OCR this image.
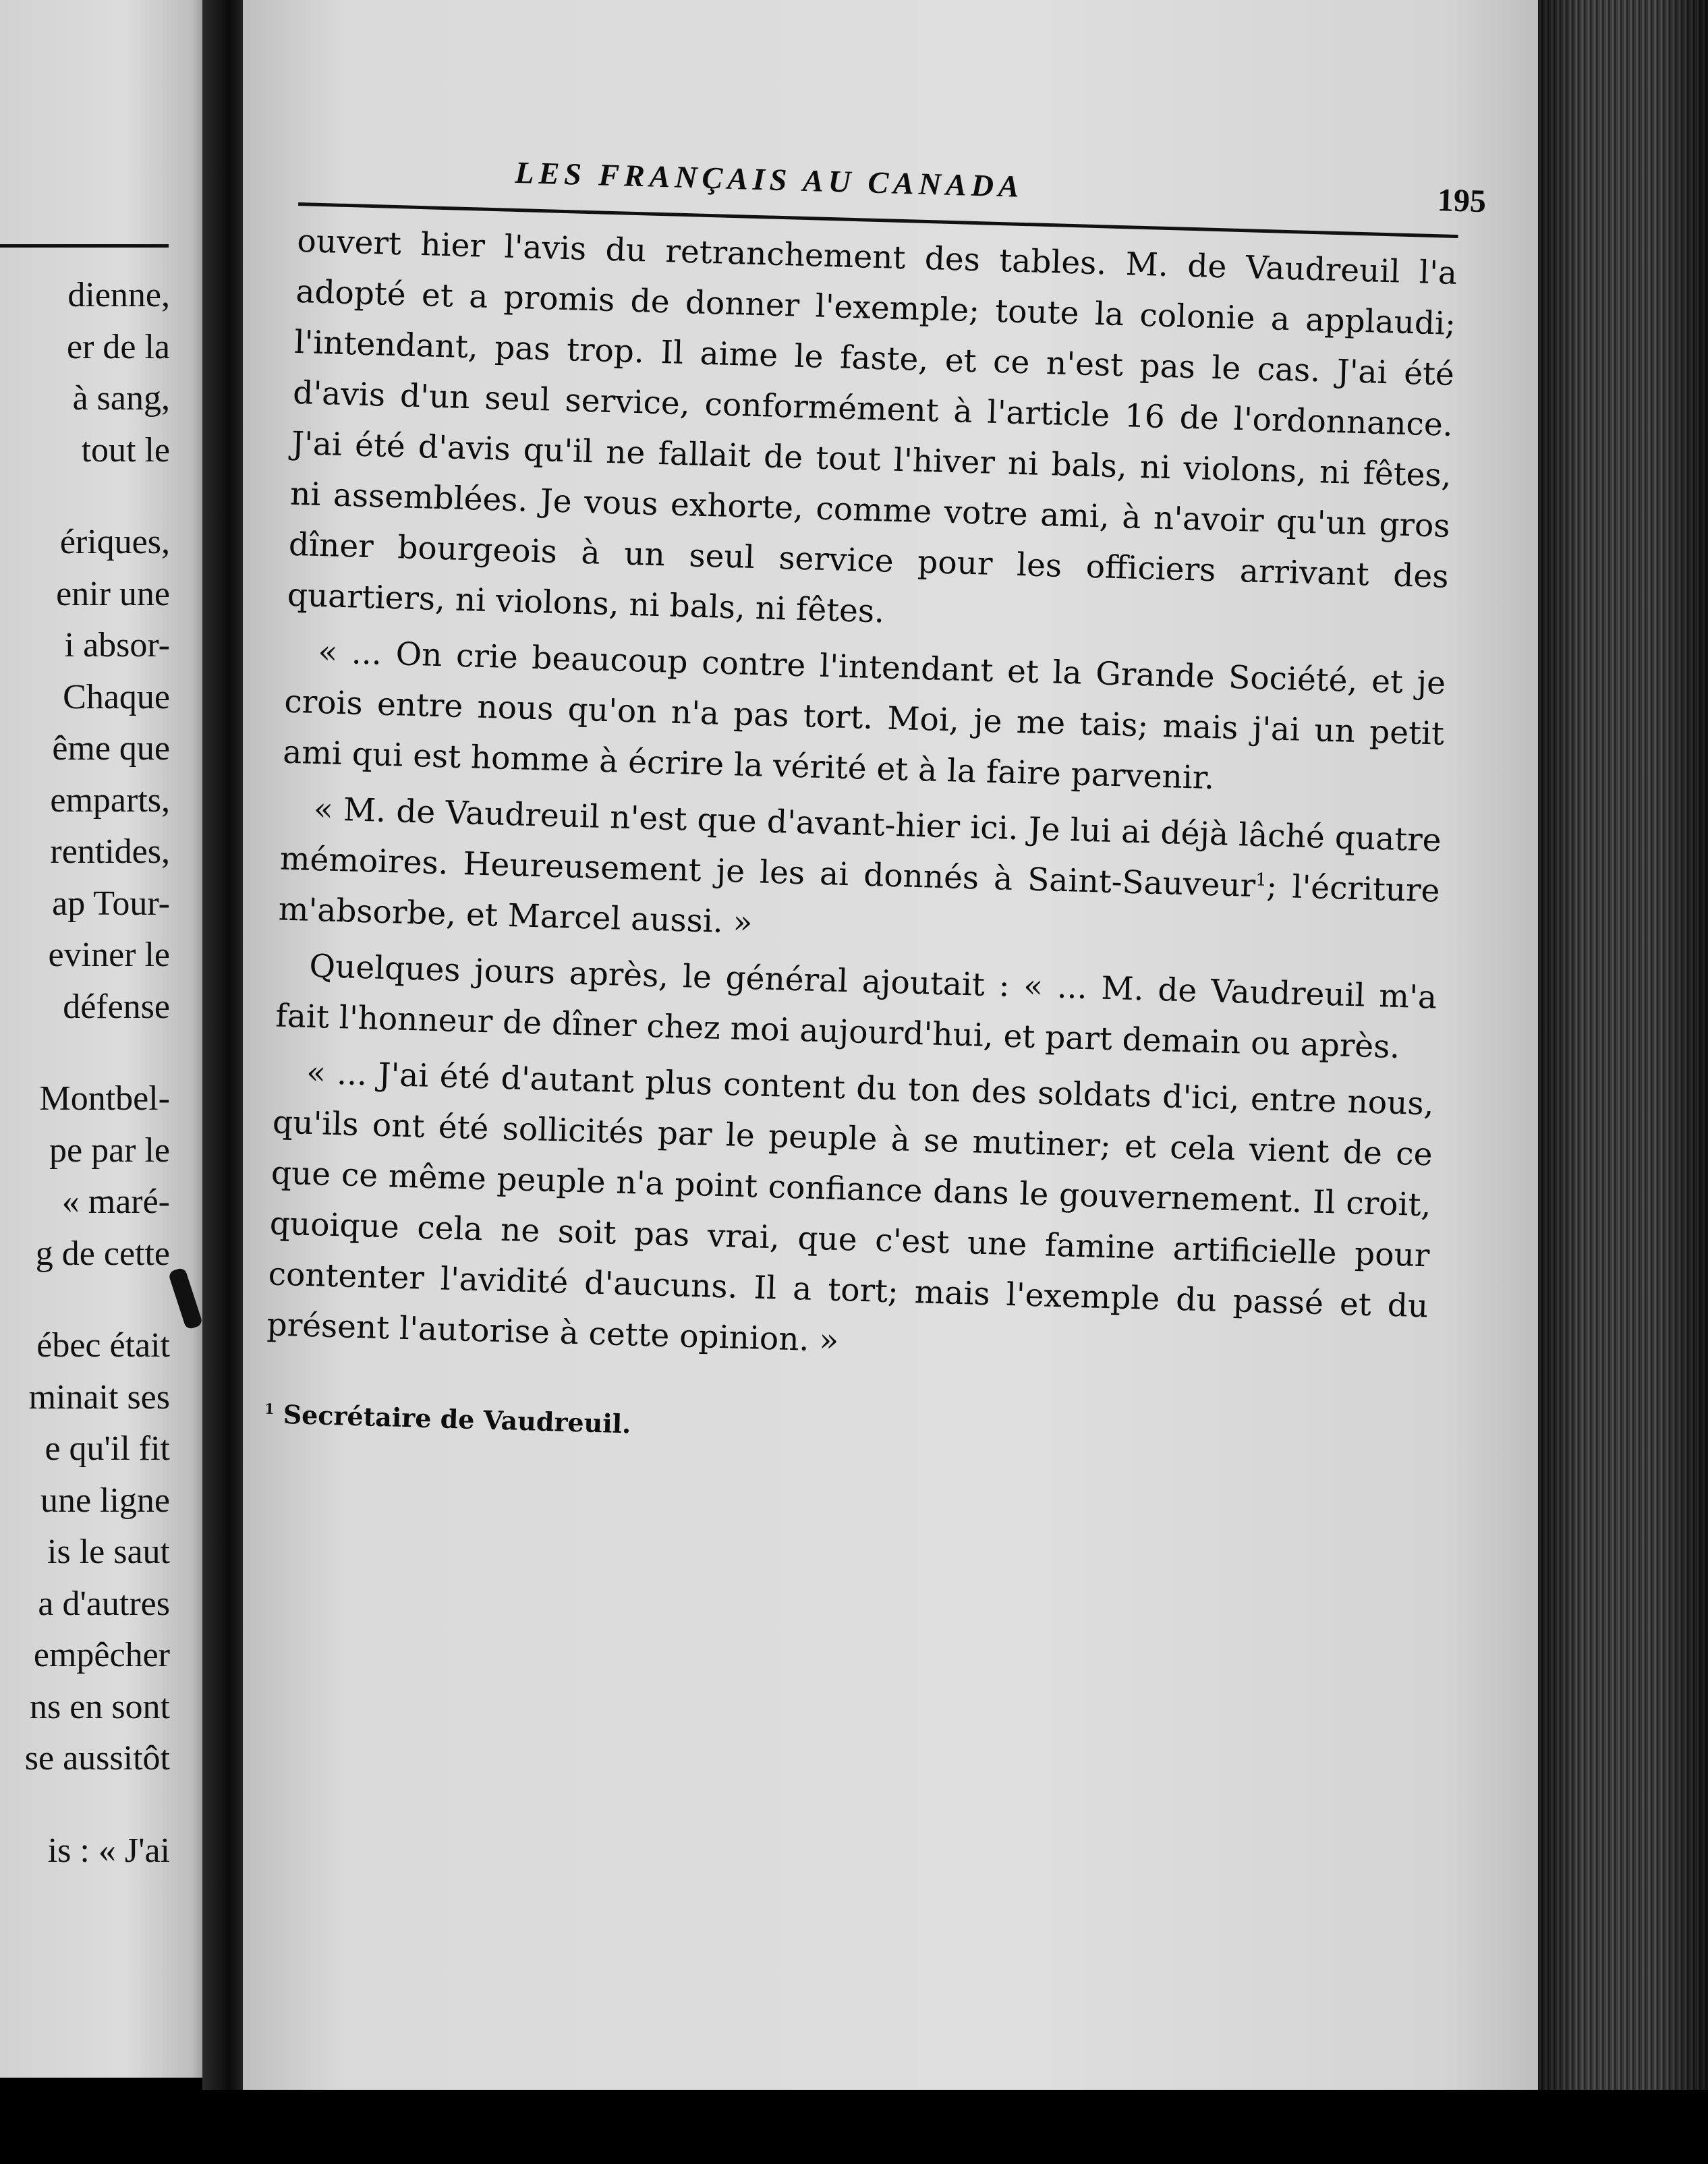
dienne,
er de la
à sang,
tout le
ériques,
enir une
i absor-
Chaque
ême que
emparts,
rentides,
ap Tour-
eviner le
défense
Montbel-
pe par le
« maré-
g de cette
ébec était
minait ses
e qu'il fit
une ligne
is le saut
a d'autres
empêcher
ns en sont
se aussitôt
is : « J'ai
LES FRANÇAIS AU CANADA	195

ouvert hier l'avis du retranchement des tables. M. de Vaudreuil l'a adopté et a promis de donner l'exemple; toute la colonie a applaudi; l'intendant, pas trop. Il aime le faste, et ce n'est pas le cas. J'ai été d'avis d'un seul service, conformément à l'article 16 de l'ordonnance. J'ai été d'avis qu'il ne fallait de tout l'hiver ni bals, ni violons, ni fêtes, ni assemblées. Je vous exhorte, comme votre ami, à n'avoir qu'un gros dîner bourgeois à un seul service pour les officiers arrivant des quartiers, ni violons, ni bals, ni fêtes.

« ... On crie beaucoup contre l'intendant et la Grande Société, et je crois entre nous qu'on n'a pas tort. Moi, je me tais; mais j'ai un petit ami qui est homme à écrire la vérité et à la faire parvenir.

« M. de Vaudreuil n'est que d'avant-hier ici. Je lui ai déjà lâché quatre mémoires. Heureusement je les ai donnés à Saint-Sauveur$^1$; l'écriture m'absorbe, et Marcel aussi. »

Quelques jours après, le général ajoutait : « ... M. de Vaudreuil m'a fait l'honneur de dîner chez moi aujourd'hui, et part demain ou après.

« ... J'ai été d'autant plus content du ton des soldats d'ici, entre nous, qu'ils ont été sollicités par le peuple à se mutiner; et cela vient de ce que ce même peuple n'a point confiance dans le gouvernement. Il croit, quoique cela ne soit pas vrai, que c'est une famine artificielle pour contenter l'avidité d'aucuns. Il a tort; mais l'exemple du passé et du présent l'autorise à cette opinion. »

$^1$ Secrétaire de Vaudreuil.
